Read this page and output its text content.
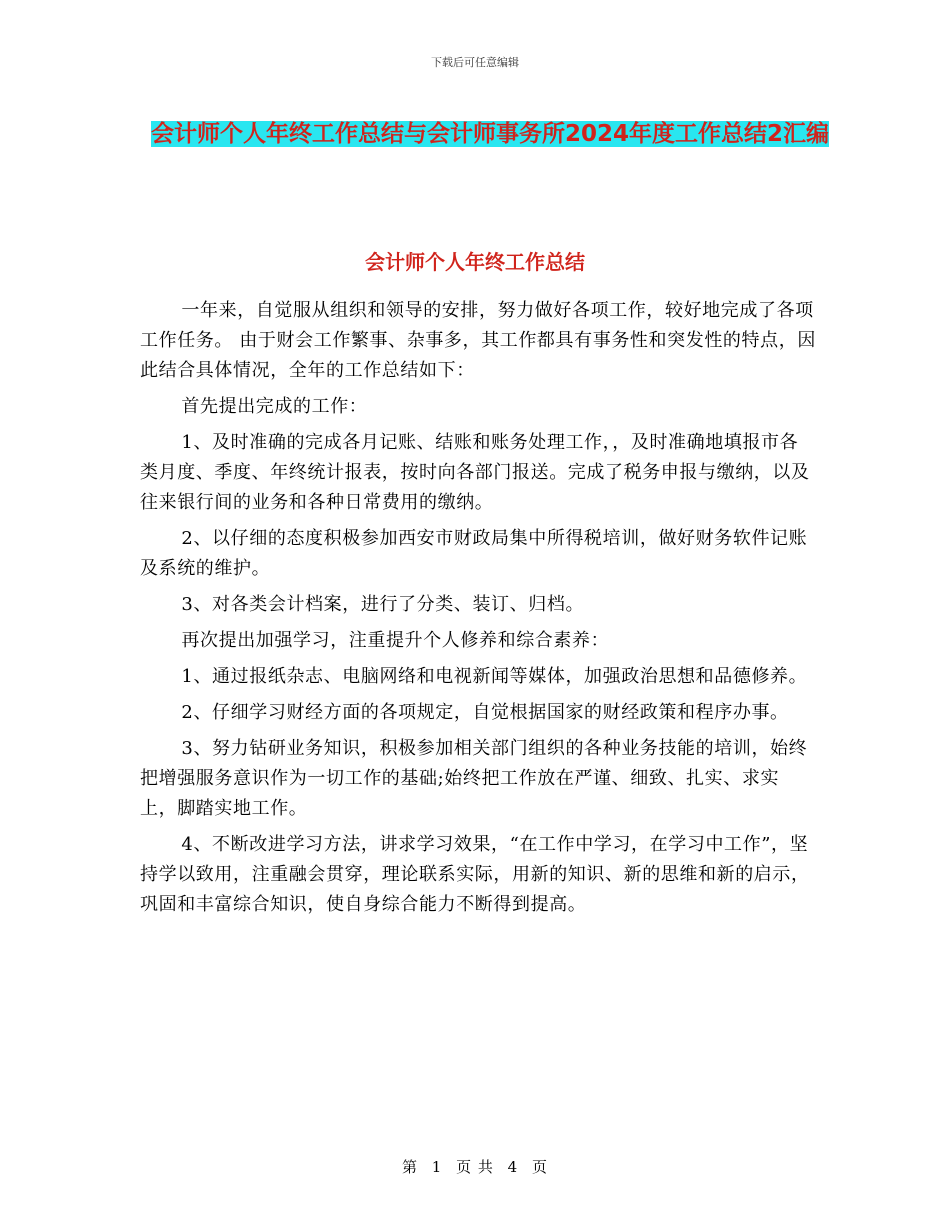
下载后可任意编辑
会计师个人年终工作总结与会计师事务所2024年度工作总结2汇编
会计师个人年终工作总结

一年来，自觉服从组织和领导的安排，努力做好各项工作，较好地完成了各项工作任务。 由于财会工作繁事、杂事多，其工作都具有事务性和突发性的特点，因此结合具体情况，全年的工作总结如下：

首先提出完成的工作：

1、及时准确的完成各月记账、结账和账务处理工作，，及时准确地填报市各类月度、季度、年终统计报表，按时向各部门报送。完成了税务申报与缴纳，以及往来银行间的业务和各种日常费用的缴纳。

2、以仔细的态度积极参加西安市财政局集中所得税培训，做好财务软件记账及系统的维护。

3、对各类会计档案，进行了分类、装订、归档。

再次提出加强学习，注重提升个人修养和综合素养：

1、通过报纸杂志、电脑网络和电视新闻等媒体，加强政治思想和品德修养。

2、仔细学习财经方面的各项规定，自觉根据国家的财经政策和程序办事。

3、努力钻研业务知识，积极参加相关部门组织的各种业务技能的培训，始终把增强服务意识作为一切工作的基础;始终把工作放在严谨、细致、扎实、求实上，脚踏实地工作。

4、不断改进学习方法，讲求学习效果，“在工作中学习，在学习中工作”，坚持学以致用，注重融会贯穿，理论联系实际，用新的知识、新的思维和新的启示，巩固和丰富综合知识，使自身综合能力不断得到提高。

第 1 页 共 4 页
